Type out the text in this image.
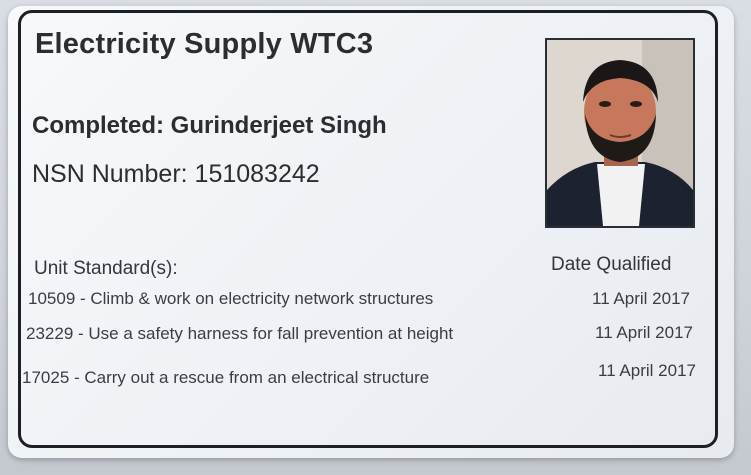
Electricity Supply WTC3
Completed: Gurinderjeet Singh
NSN Number: 151083242
Unit Standard(s):	Date Qualified
10509 - Climb & work on electricity network structures	11 April 2017
23229 - Use a safety harness for fall prevention at height	11 April 2017
17025 - Carry out a rescue from an electrical structure	11 April 2017
